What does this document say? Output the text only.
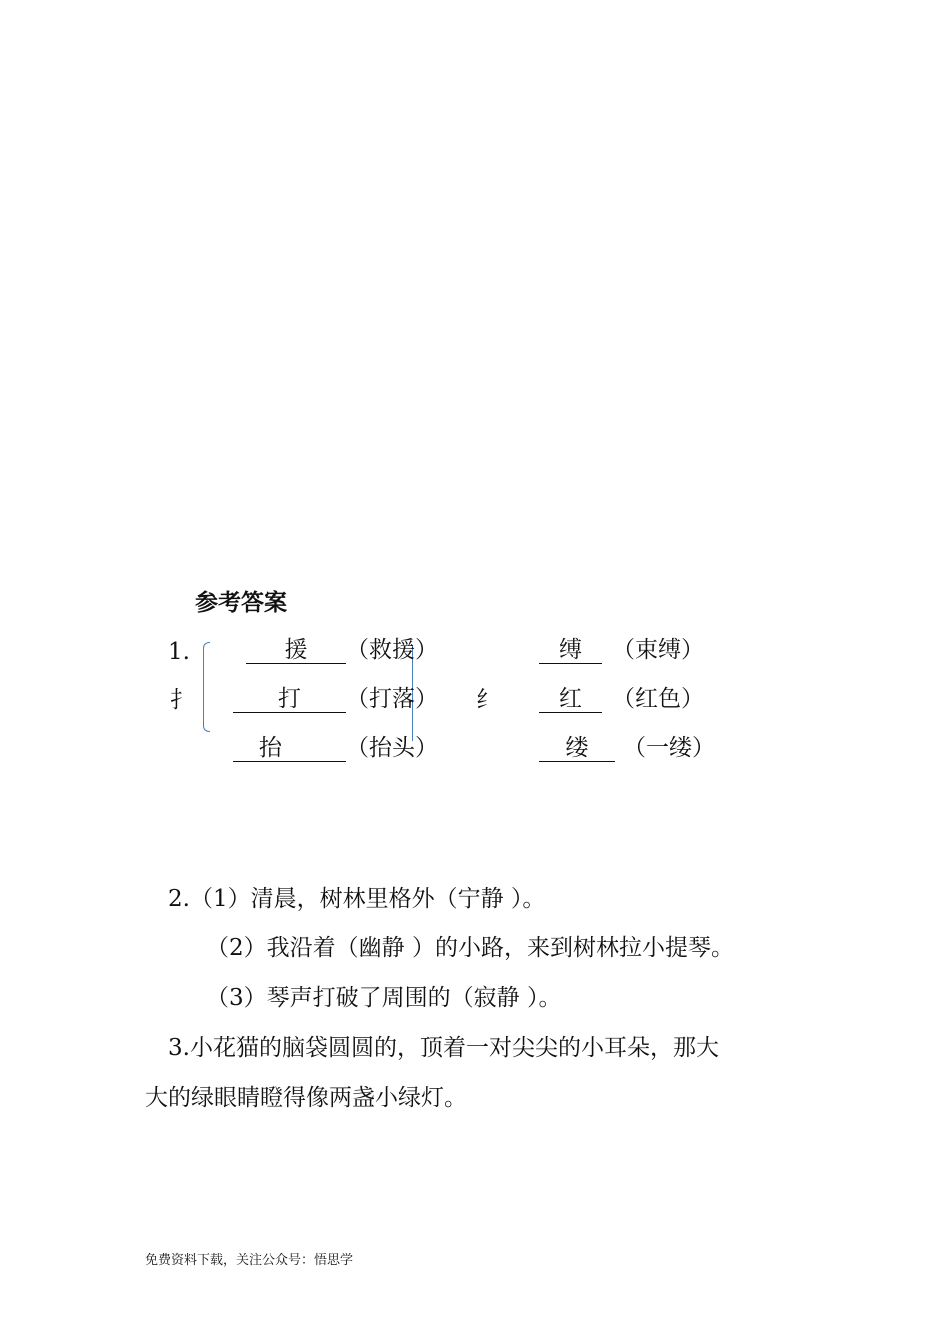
参考答案
1.
扌	纟
援 （救援）
打 （打落）
抬	（抬头）
缚 （束缚）
红 （红色）
缕 （一缕）
2.（1）清晨，树林里格外（宁静 ）。
（2）我沿着（幽静 ）的小路，来到树林拉小提琴。
（3）琴声打破了周围的（寂静 ）。
3.小花猫的脑袋圆圆的，顶着一对尖尖的小耳朵，那大
大的绿眼睛瞪得像两盏小绿灯。
免费资料下载，关注公众号：悟思学
